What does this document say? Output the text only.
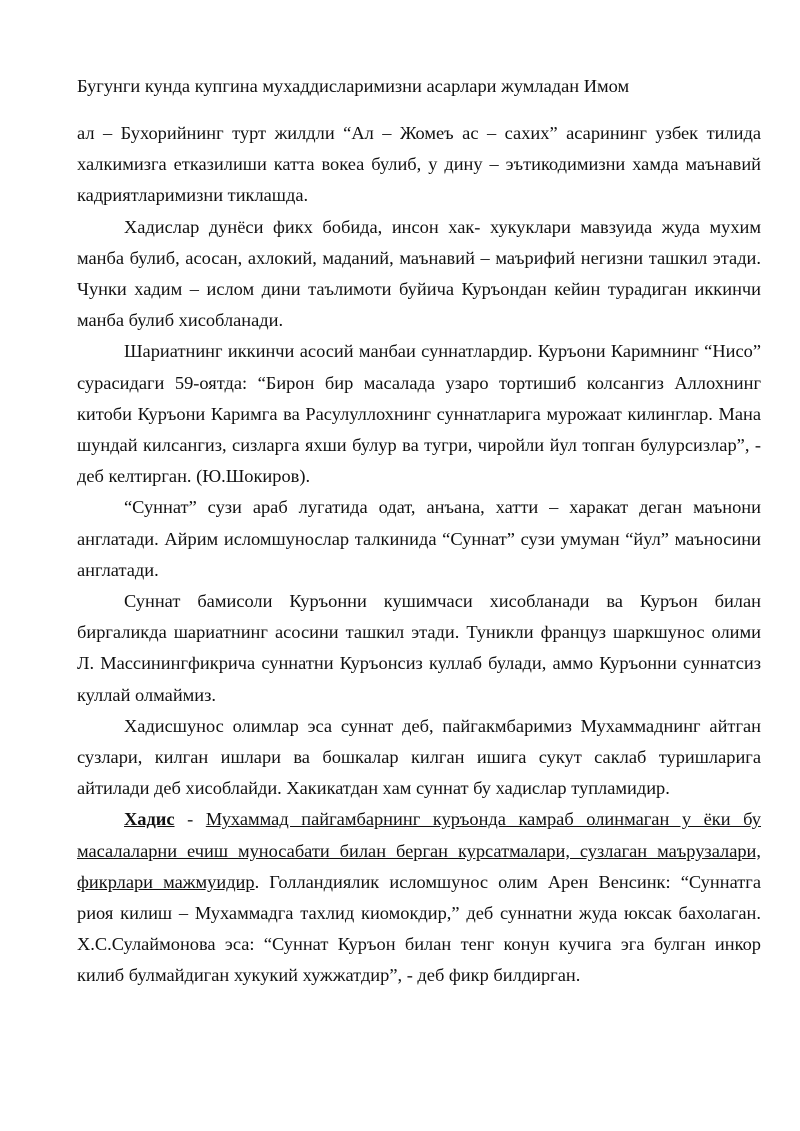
Бугунги кунда купгина мухаддисларимизни асарлари жумладан Имом

ал – Бухорийнинг турт жилдли “Ал – Жомеъ ас – сахих” асарининг узбек тилида халкимизга етказилиши катта вокеа булиб, у дину – эътикодимизни хамда маънавий кадриятларимизни тиклашда.

Хадислар дунёси фикх бобида, инсон хак- хукуклари мавзуида жуда мухим манба булиб, асосан, ахлокий, маданий, маънавий – маърифий негизни ташкил этади. Чунки хадим – ислом дини таълимоти буйича Куръондан кейин турадиган иккинчи манба булиб хисобланади.

Шариатнинг иккинчи асосий манбаи суннатлардир. Куръони Каримнинг “Нисо” сурасидаги 59-оятда: “Бирон бир масалада узаро тортишиб колсангиз Аллохнинг китоби Куръони Каримга ва Расулуллохнинг суннатларига мурожаат килинглар. Мана шундай килсангиз, сизларга яхши булур ва тугри, чиройли йул топган булурсизлар”, - деб келтирган. (Ю.Шокиров).

“Суннат” сузи араб лугатида одат, анъана, хатти – харакат деган маънони англатади. Айрим исломшунослар талкинида “Суннат” сузи умуман “йул” маъносини англатади.

Суннат бамисоли Куръонни кушимчаси хисобланади ва Куръон билан биргаликда шариатнинг асосини ташкил этади. Туникли француз шаркшунос олими Л. Массинингфикрича суннатни Куръонсиз куллаб булади, аммо Куръонни суннатсиз куллай олмаймиз.

Хадисшунос олимлар эса суннат деб, пайгакмбаримиз Мухаммаднинг айтган сузлари, килган ишлари ва бошкалар килган ишига сукут саклаб туришларига айтилади деб хисоблайди. Хакикатдан хам суннат бу хадислар тупламидир.

Хадис - Мухаммад пайгамбарнинг куръонда камраб олинмаган у ёки бу масалаларни ечиш муносабати билан берган курсатмалари, сузлаган маърузалари, фикрлари мажмуидир. Голландиялик исломшунос олим Арен Венсинк: “Суннатга риоя килиш – Мухаммадга тахлид киомокдир,” деб суннатни жуда юксак бахолаган. Х.С.Сулаймонова эса: “Суннат Куръон билан тенг конун кучига эга булган инкор килиб булмайдиган хукукий хужжатдир”, - деб фикр билдирган.
